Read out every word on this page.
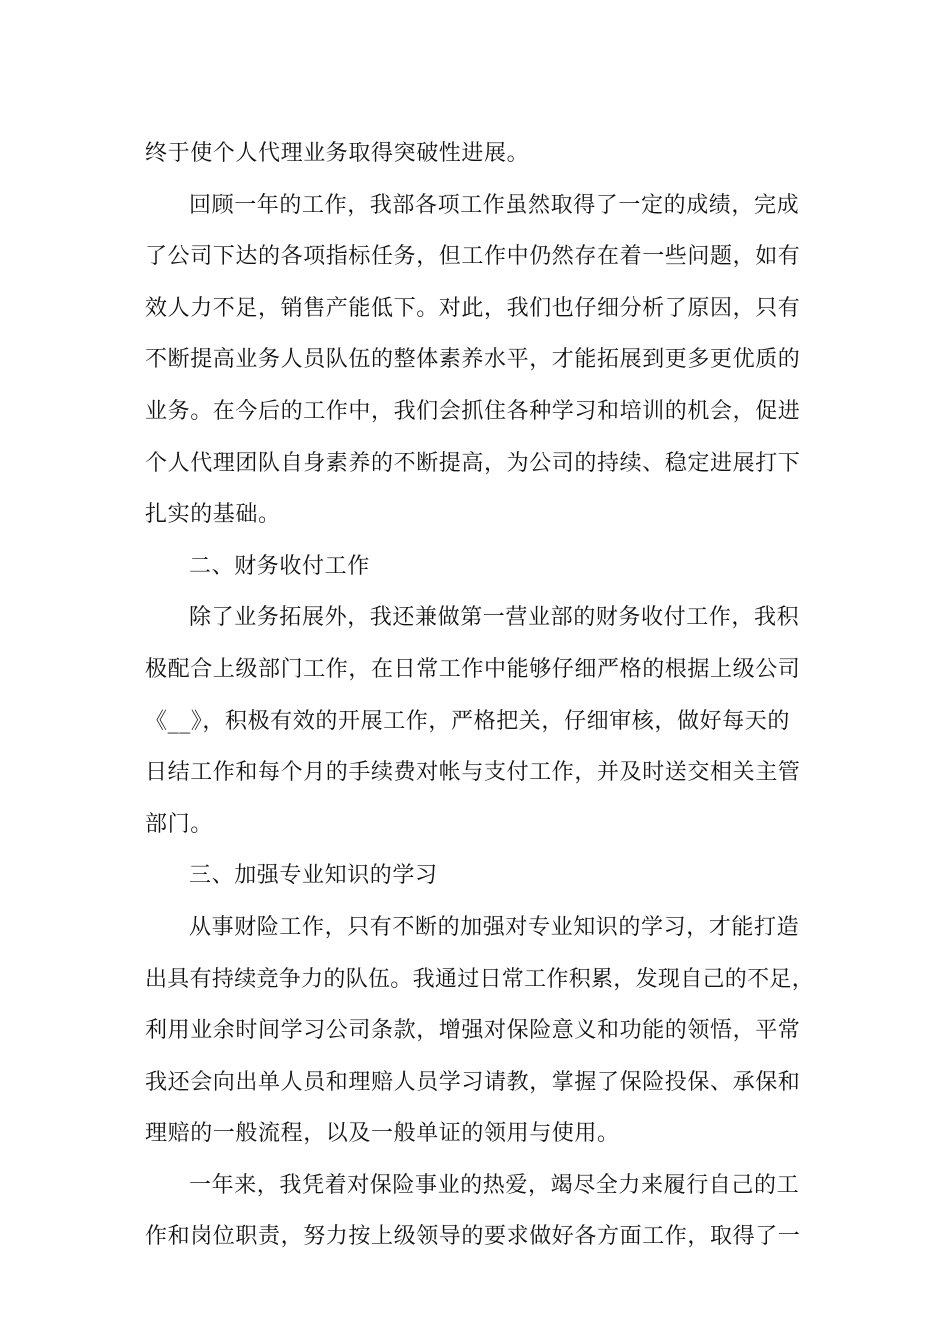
终于使个人代理业务取得突破性进展。
回顾一年的工作，我部各项工作虽然取得了一定的成绩，完成
了公司下达的各项指标任务，但工作中仍然存在着一些问题，如有
效人力不足，销售产能低下。对此，我们也仔细分析了原因，只有
不断提高业务人员队伍的整体素养水平，才能拓展到更多更优质的
业务。在今后的工作中，我们会抓住各种学习和培训的机会，促进
个人代理团队自身素养的不断提高，为公司的持续、稳定进展打下
扎实的基础。
二、财务收付工作
除了业务拓展外，我还兼做第一营业部的财务收付工作，我积
极配合上级部门工作，在日常工作中能够仔细严格的根据上级公司
《__》，积极有效的开展工作，严格把关，仔细审核，做好每天的
日结工作和每个月的手续费对帐与支付工作，并及时送交相关主管
部门。
三、加强专业知识的学习
从事财险工作，只有不断的加强对专业知识的学习，才能打造
出具有持续竞争力的队伍。我通过日常工作积累，发现自己的不足，
利用业余时间学习公司条款，增强对保险意义和功能的领悟，平常
我还会向出单人员和理赔人员学习请教，掌握了保险投保、承保和
理赔的一般流程，以及一般单证的领用与使用。
一年来，我凭着对保险事业的热爱，竭尽全力来履行自己的工
作和岗位职责，努力按上级领导的要求做好各方面工作，取得了一
